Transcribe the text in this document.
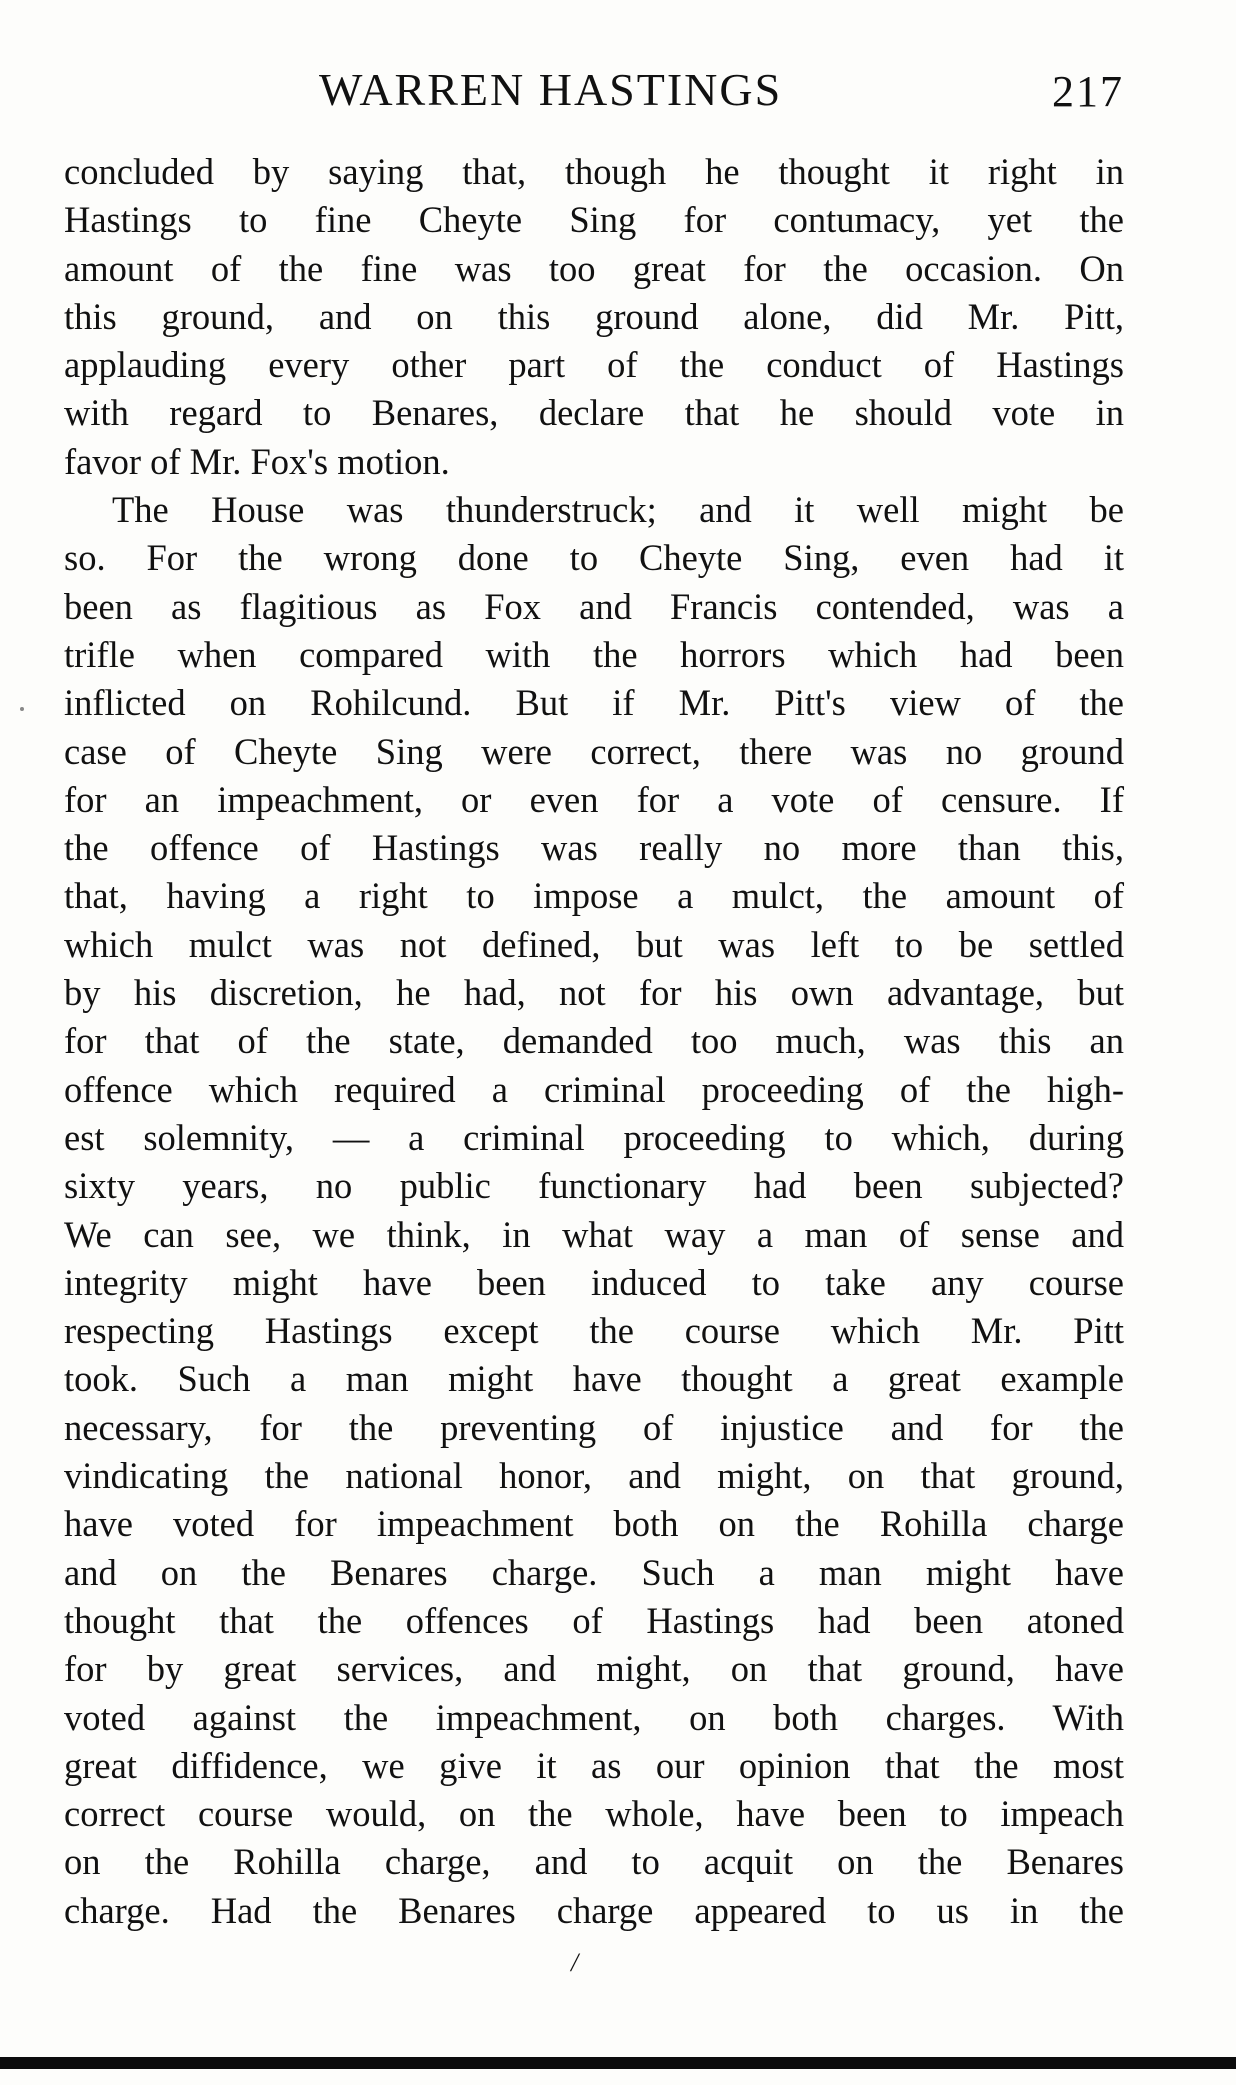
WARREN HASTINGS	217
concluded by saying that, though he thought it right in
Hastings to fine Cheyte Sing for contumacy, yet the
amount of the fine was too great for the occasion. On
this ground, and on this ground alone, did Mr. Pitt,
applauding every other part of the conduct of Hastings
with regard to Benares, declare that he should vote in
favor of Mr. Fox's motion.
The House was thunderstruck; and it well might be
so. For the wrong done to Cheyte Sing, even had it
been as flagitious as Fox and Francis contended, was a
trifle when compared with the horrors which had been
inflicted on Rohilcund. But if Mr. Pitt's view of the
case of Cheyte Sing were correct, there was no ground
for an impeachment, or even for a vote of censure. If
the offence of Hastings was really no more than this,
that, having a right to impose a mulct, the amount of
which mulct was not defined, but was left to be settled
by his discretion, he had, not for his own advantage, but
for that of the state, demanded too much, was this an
offence which required a criminal proceeding of the high-
est solemnity, — a criminal proceeding to which, during
sixty years, no public functionary had been subjected?
We can see, we think, in what way a man of sense and
integrity might have been induced to take any course
respecting Hastings except the course which Mr. Pitt
took. Such a man might have thought a great example
necessary, for the preventing of injustice and for the
vindicating the national honor, and might, on that ground,
have voted for impeachment both on the Rohilla charge
and on the Benares charge. Such a man might have
thought that the offences of Hastings had been atoned
for by great services, and might, on that ground, have
voted against the impeachment, on both charges. With
great diffidence, we give it as our opinion that the most
correct course would, on the whole, have been to impeach
on the Rohilla charge, and to acquit on the Benares
charge. Had the Benares charge appeared to us in the
/
